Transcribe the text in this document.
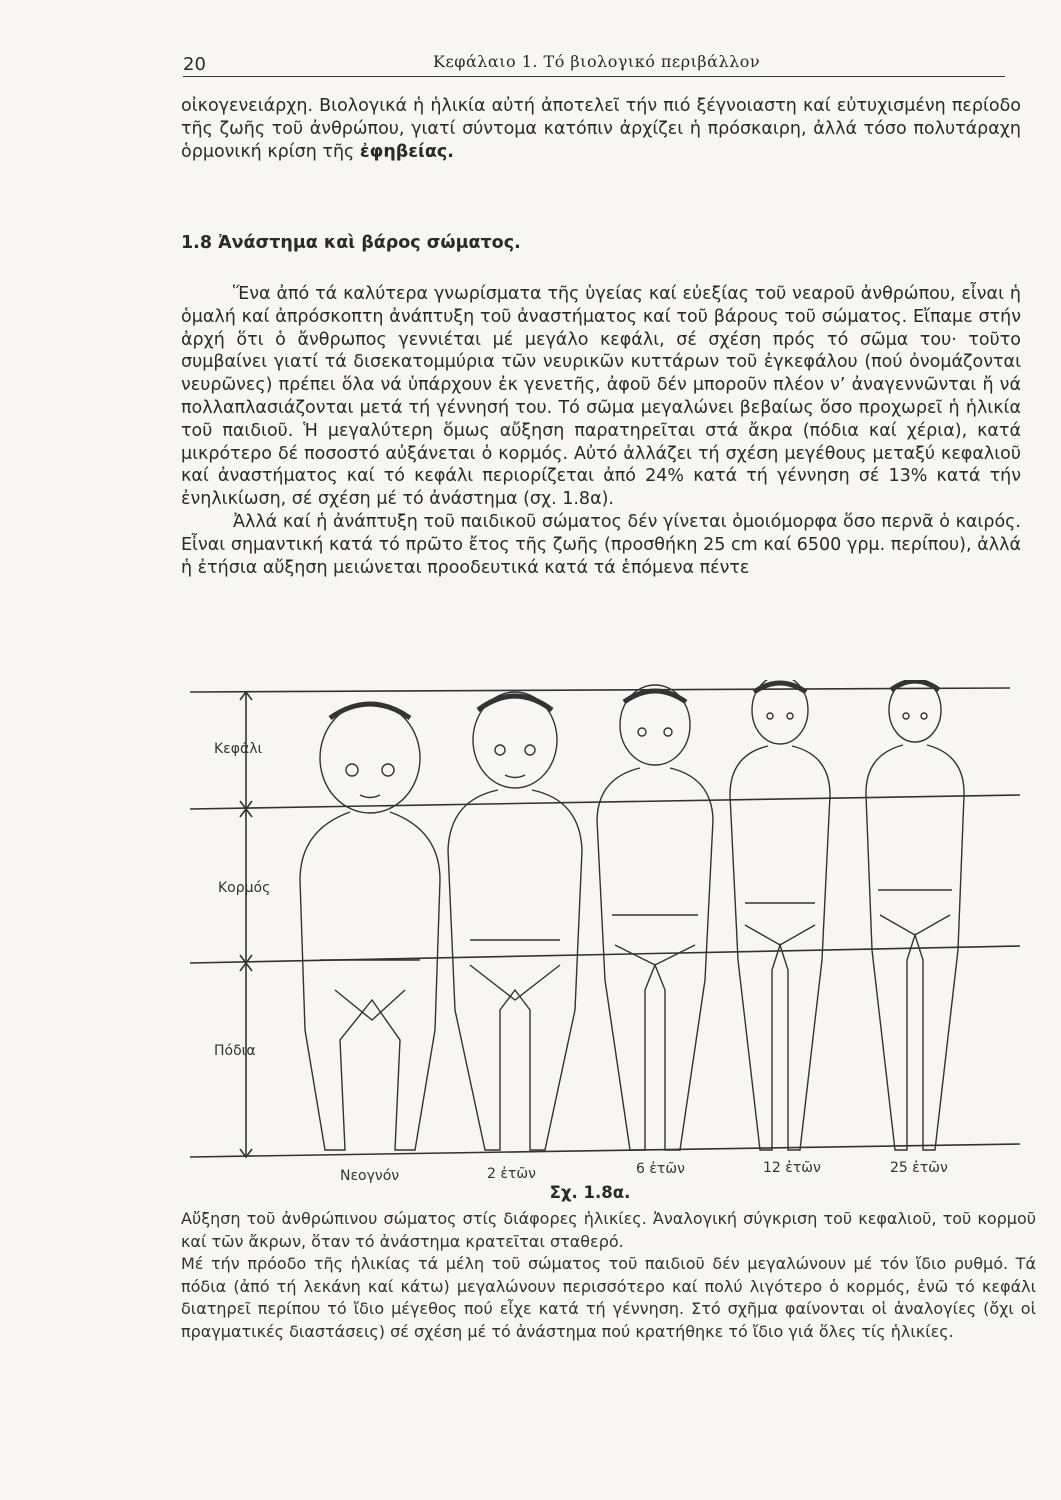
20	Κεφάλαιο 1. Τό βιολογικό περιβάλλον

οἰκογενειάρχη. Βιολογικά ἡ ἡλικία αὐτή ἀποτελεῖ τήν πιό ξέγνοιαστη καί εὐτυχισμένη περίοδο τῆς ζωῆς τοῦ ἀνθρώπου, γιατί σύντομα κατόπιν ἀρχίζει ἡ πρόσκαιρη, ἀλλά τόσο πολυτάραχη ὁρμονική κρίση τῆς ἐφηβείας.

1.8 Ἀνάστημα καὶ βάρος σώματος.

Ἕνα ἀπό τά καλύτερα γνωρίσματα τῆς ὑγείας καί εὐεξίας τοῦ νεαροῦ ἀνθρώπου, εἶναι ἡ ὁμαλή καί ἀπρόσκοπτη ἀνάπτυξη τοῦ ἀναστήματος καί τοῦ βάρους τοῦ σώματος. Εἴπαμε στήν ἀρχή ὅτι ὁ ἄνθρωπος γεννιέται μέ μεγάλο κεφάλι, σέ σχέση πρός τό σῶμα του· τοῦτο συμβαίνει γιατί τά δισεκατομμύρια τῶν νευρικῶν κυττάρων τοῦ ἐγκεφάλου (πού ὀνομάζονται νευρῶνες) πρέπει ὅλα νά ὑπάρχουν ἐκ γενετῆς, ἀφοῦ δέν μποροῦν πλέον ν’ ἀναγεννῶνται ἤ νά πολλαπλασιάζονται μετά τή γέννησή του. Τό σῶμα μεγαλώνει βεβαίως ὅσο προχωρεῖ ἡ ἡλικία τοῦ παιδιοῦ. Ἡ μεγαλύτερη ὅμως αὔξηση παρατηρεῖται στά ἄκρα (πόδια καί χέρια), κατά μικρότερο δέ ποσοστό αὐξάνεται ὁ κορμός. Αὐτό ἀλλάζει τή σχέση μεγέθους μεταξύ κεφαλιοῦ καί ἀναστήματος καί τό κεφάλι περιορίζεται ἀπό 24% κατά τή γέννηση σέ 13% κατά τήν ἐνηλικίωση, σέ σχέση μέ τό ἀνάστημα (σχ. 1.8α).

Ἀλλά καί ἡ ἀνάπτυξη τοῦ παιδικοῦ σώματος δέν γίνεται ὁμοιόμορφα ὅσο περνᾶ ὁ καιρός. Εἶναι σημαντική κατά τό πρῶτο ἔτος τῆς ζωῆς (προσθήκη 25 cm καί 6500 γρμ. περίπου), ἀλλά ἡ ἐτήσια αὔξηση μειώνεται προοδευτικά κατά τά ἑπόμενα πέντε

Κεφάλι
Κορμός
Πόδια
Νεογνόν	2 ἐτῶν	6 ἐτῶν	12 ἐτῶν	25 ἐτῶν
Σχ. 1.8α.

Αὔξηση τοῦ ἀνθρώπινου σώματος στίς διάφορες ἡλικίες. Ἀναλογική σύγκριση τοῦ κεφαλιοῦ, τοῦ κορμοῦ καί τῶν ἄκρων, ὅταν τό ἀνάστημα κρατεῖται σταθερό.

Μέ τήν πρόοδο τῆς ἡλικίας τά μέλη τοῦ σώματος τοῦ παιδιοῦ δέν μεγαλώνουν μέ τόν ἴδιο ρυθμό. Τά πόδια (ἀπό τή λεκάνη καί κάτω) μεγαλώνουν περισσότερο καί πολύ λιγότερο ὁ κορμός, ἐνῶ τό κεφάλι διατηρεῖ περίπου τό ἴδιο μέγεθος πού εἶχε κατά τή γέννηση. Στό σχῆμα φαίνονται οἱ ἀναλογίες (ὄχι οἱ πραγματικές διαστάσεις) σέ σχέση μέ τό ἀνάστημα πού κρατήθηκε τό ἴδιο γιά ὅλες τίς ἡλικίες.
